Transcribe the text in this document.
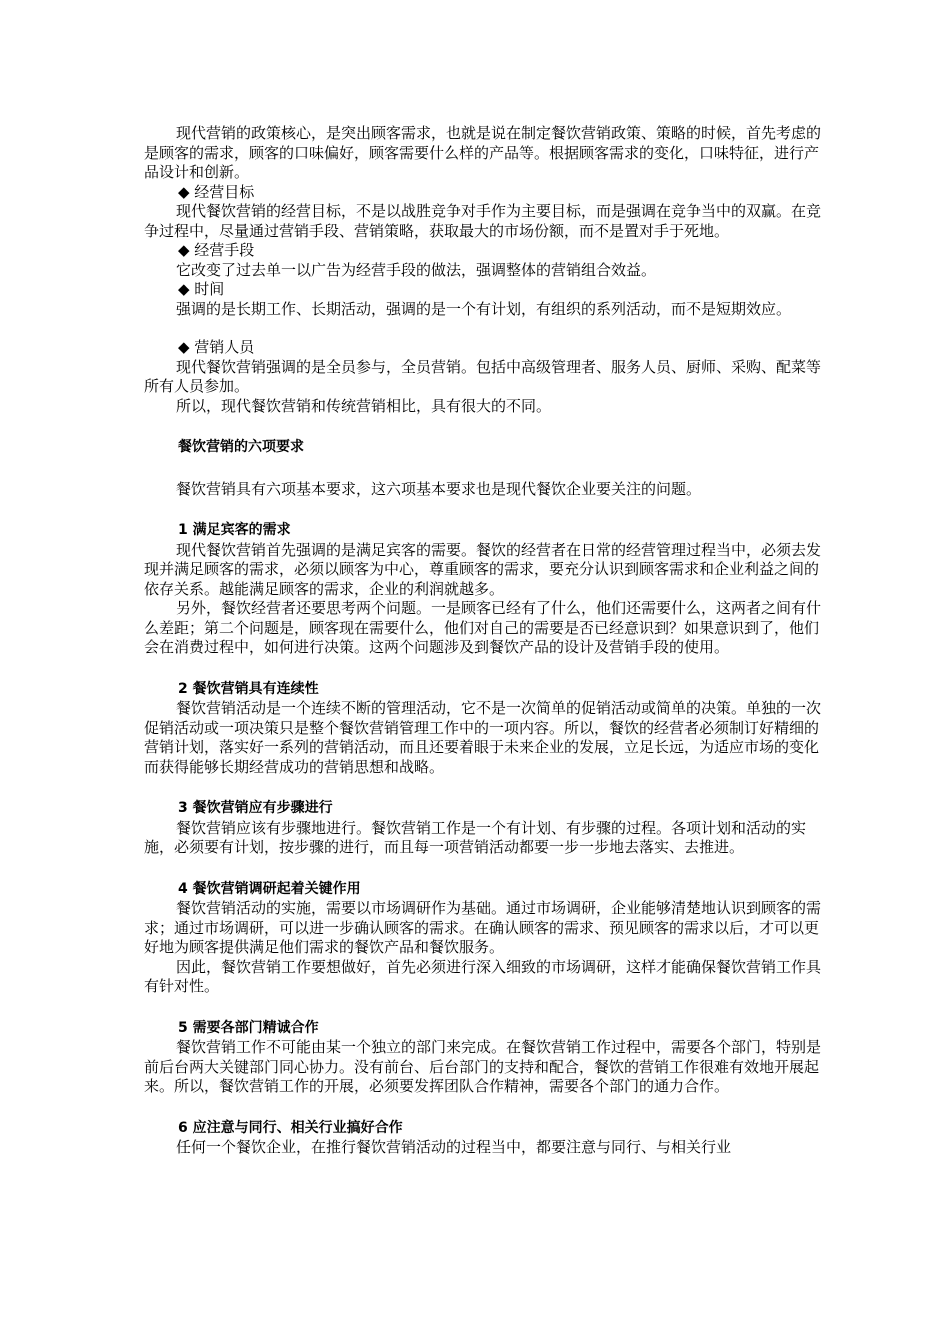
现代营销的政策核心，是突出顾客需求，也就是说在制定餐饮营销政策、策略的时候，首先考虑的是顾客的需求，顾客的口味偏好，顾客需要什么样的产品等。根据顾客需求的变化，口味特征，进行产品设计和创新。

◆ 经营目标

现代餐饮营销的经营目标，不是以战胜竞争对手作为主要目标，而是强调在竞争当中的双赢。在竞争过程中，尽量通过营销手段、营销策略，获取最大的市场份额，而不是置对手于死地。

◆ 经营手段

它改变了过去单一以广告为经营手段的做法，强调整体的营销组合效益。

◆ 时间

强调的是长期工作、长期活动，强调的是一个有计划，有组织的系列活动，而不是短期效应。

◆ 营销人员

现代餐饮营销强调的是全员参与，全员营销。包括中高级管理者、服务人员、厨师、采购、配菜等所有人员参加。

所以，现代餐饮营销和传统营销相比，具有很大的不同。

餐饮营销的六项要求

餐饮营销具有六项基本要求，这六项基本要求也是现代餐饮企业要关注的问题。

1 满足宾客的需求

现代餐饮营销首先强调的是满足宾客的需要。餐饮的经营者在日常的经营管理过程当中，必须去发现并满足顾客的需求，必须以顾客为中心，尊重顾客的需求，要充分认识到顾客需求和企业利益之间的依存关系。越能满足顾客的需求，企业的利润就越多。

另外，餐饮经营者还要思考两个问题。一是顾客已经有了什么，他们还需要什么，这两者之间有什么差距；第二个问题是，顾客现在需要什么，他们对自己的需要是否已经意识到？如果意识到了，他们会在消费过程中，如何进行决策。这两个问题涉及到餐饮产品的设计及营销手段的使用。

2 餐饮营销具有连续性

餐饮营销活动是一个连续不断的管理活动，它不是一次简单的促销活动或简单的决策。单独的一次促销活动或一项决策只是整个餐饮营销管理工作中的一项内容。所以，餐饮的经营者必须制订好精细的营销计划，落实好一系列的营销活动，而且还要着眼于未来企业的发展，立足长远，为适应市场的变化而获得能够长期经营成功的营销思想和战略。

3 餐饮营销应有步骤进行

餐饮营销应该有步骤地进行。餐饮营销工作是一个有计划、有步骤的过程。各项计划和活动的实施，必须要有计划，按步骤的进行，而且每一项营销活动都要一步一步地去落实、去推进。

4 餐饮营销调研起着关键作用

餐饮营销活动的实施，需要以市场调研作为基础。通过市场调研，企业能够清楚地认识到顾客的需求；通过市场调研，可以进一步确认顾客的需求。在确认顾客的需求、预见顾客的需求以后，才可以更好地为顾客提供满足他们需求的餐饮产品和餐饮服务。

因此，餐饮营销工作要想做好，首先必须进行深入细致的市场调研，这样才能确保餐饮营销工作具有针对性。

5 需要各部门精诚合作

餐饮营销工作不可能由某一个独立的部门来完成。在餐饮营销工作过程中，需要各个部门，特别是前后台两大关键部门同心协力。没有前台、后台部门的支持和配合，餐饮的营销工作很难有效地开展起来。所以，餐饮营销工作的开展，必须要发挥团队合作精神，需要各个部门的通力合作。

6 应注意与同行、相关行业搞好合作

任何一个餐饮企业，在推行餐饮营销活动的过程当中，都要注意与同行、与相关行业
